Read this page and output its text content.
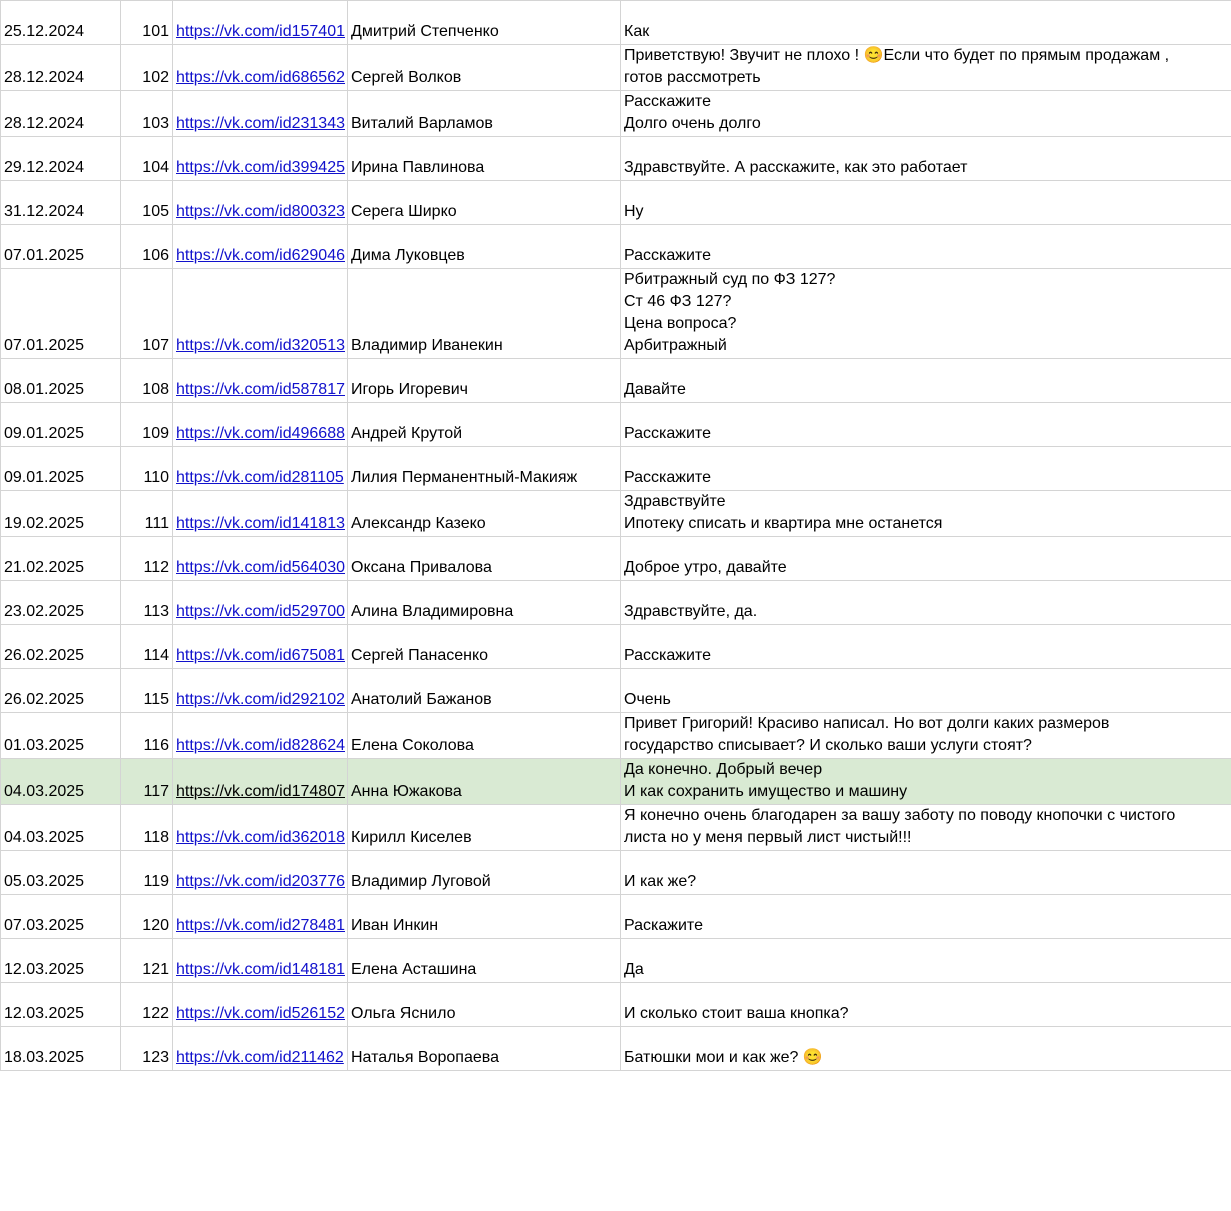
25.12.2024	101	https://vk.com/id157401	Дмитрий Степченко	Как

28.12.2024	102	https://vk.com/id686562	Сергей Волков	Приветствую! Звучит не плохо ! 😊Если что будет по прямым продажам ,
готов рассмотреть

28.12.2024	103	https://vk.com/id231343	Виталий Варламов	Расскажите
Долго очень долго

29.12.2024	104	https://vk.com/id399425	Ирина Павлинова	Здравствуйте. А расскажите, как это работает

31.12.2024	105	https://vk.com/id800323	Серега Ширко	Ну

07.01.2025	106	https://vk.com/id629046	Дима Луковцев	Расскажите

07.01.2025	107	https://vk.com/id320513	Владимир Иванекин	Рбитражный суд по ФЗ 127?
Ст 46 ФЗ 127?
Цена вопроса?
Арбитражный

08.01.2025	108	https://vk.com/id587817	Игорь Игоревич	Давайте

09.01.2025	109	https://vk.com/id496688	Андрей Крутой	Расскажите

09.01.2025	110	https://vk.com/id281105	Лилия Перманентный-Макияж	Расскажите

19.02.2025	111	https://vk.com/id141813	Александр Казеко	Здравствуйте
Ипотеку списать и квартира мне останется

21.02.2025	112	https://vk.com/id564030	Оксана Привалова	Доброе утро, давайте

23.02.2025	113	https://vk.com/id529700	Алина Владимировна	Здравствуйте, да.

26.02.2025	114	https://vk.com/id675081	Сергей Панасенко	Расскажите

26.02.2025	115	https://vk.com/id292102	Анатолий Бажанов	Очень

01.03.2025	116	https://vk.com/id828624	Елена Соколова	Привет Григорий! Красиво написал. Но вот долги каких размеров
государство списывает? И сколько ваши услуги стоят?

04.03.2025	117	https://vk.com/id174807	Анна Южакова	Да конечно. Добрый вечер
И как сохранить имущество и машину

04.03.2025	118	https://vk.com/id362018	Кирилл Киселев	Я конечно очень благодарен за вашу заботу по поводу кнопочки с чистого
листа но у меня первый лист чистый!!!

05.03.2025	119	https://vk.com/id203776	Владимир Луговой	И как же?

07.03.2025	120	https://vk.com/id278481	Иван Инкин	Раскажите

12.03.2025	121	https://vk.com/id148181	Елена Асташина	Да

12.03.2025	122	https://vk.com/id526152	Ольга Яснило	И сколько стоит ваша кнопка?

18.03.2025	123	https://vk.com/id211462	Наталья Воропаева	Батюшки мои и как же? 😊
